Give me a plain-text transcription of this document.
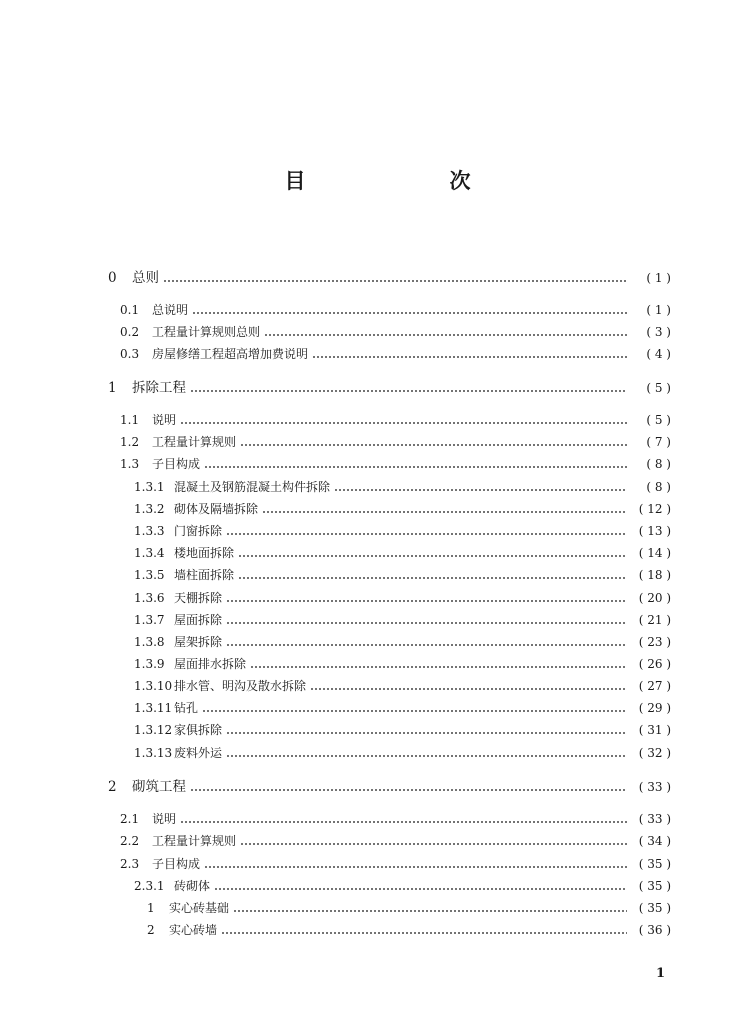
目　　次
0	总则	( 1 )
0.1	总说明	( 1 )
0.2	工程量计算规则总则	( 3 )
0.3	房屋修缮工程超高增加费说明	( 4 )
1	拆除工程	( 5 )
1.1	说明	( 5 )
1.2	工程量计算规则	( 7 )
1.3	子目构成	( 8 )
1.3.1 混凝土及钢筋混凝土构件拆除	( 8 )
1.3.2 砌体及隔墙拆除	( 12 )
1.3.3 门窗拆除	( 13 )
1.3.4 楼地面拆除	( 14 )
1.3.5 墙柱面拆除	( 18 )
1.3.6 天棚拆除	( 20 )
1.3.7 屋面拆除	( 21 )
1.3.8 屋架拆除	( 23 )
1.3.9 屋面排水拆除	( 26 )
1.3.10 排水管、明沟及散水拆除	( 27 )
1.3.11 钻孔	( 29 )
1.3.12 家俱拆除	( 31 )
1.3.13 废料外运	( 32 )
2	砌筑工程	( 33 )
2.1	说明	( 33 )
2.2	工程量计算规则	( 34 )
2.3	子目构成	( 35 )
2.3.1 砖砌体	( 35 )
1	实心砖基础	( 35 )
2	实心砖墙	( 36 )
1
